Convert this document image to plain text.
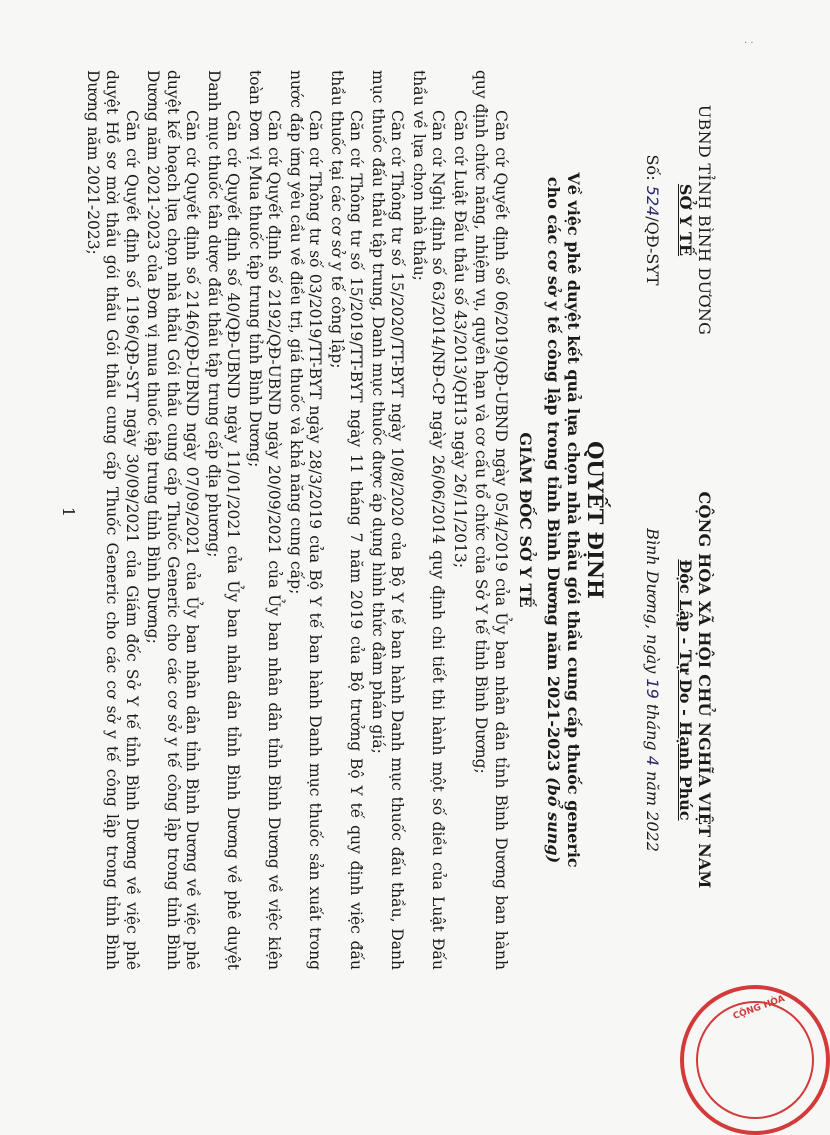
UBND TỈNH BÌNH DƯƠNG
SỞ Y TẾ
Số: 524/QĐ-SYT
CỘNG HÒA XÃ HỘI CHỦ NGHĨA VIỆT NAM
Độc Lập - Tự Do - Hạnh Phúc
Bình Dương, ngày 19 tháng 4 năm 2022
QUYẾT ĐỊNH
Về việc phê duyệt kết quả lựa chọn nhà thầu gói thầu cung cấp thuốc generic cho các cơ sở y tế công lập trong tỉnh Bình Dương năm 2021-2023 (bổ sung)
GIÁM ĐỐC SỞ Y TẾ

Căn cứ Quyết định số 06/2019/QĐ-UBND ngày 05/4/2019 của Ủy ban nhân dân tỉnh Bình Dương ban hành quy định chức năng, nhiệm vụ, quyền hạn và cơ cấu tổ chức của Sở Y tế tỉnh Bình Dương;

Căn cứ Luật Đấu thầu số 43/2013/QH13 ngày 26/11/2013;

Căn cứ Nghị định số 63/2014/NĐ-CP ngày 26/06/2014 quy định chi tiết thi hành một số điều của Luật Đấu thầu về lựa chọn nhà thầu;

Căn cứ Thông tư số 15/2020/TT-BYT ngày 10/8/2020 của Bộ Y tế ban hành Danh mục thuốc đấu thầu, Danh mục thuốc đấu thầu tập trung, Danh mục thuốc được áp dụng hình thức đàm phán giá;

Căn cứ Thông tư số 15/2019/TT-BYT ngày 11 tháng 7 năm 2019 của Bộ trưởng Bộ Y tế quy định việc đấu thầu thuốc tại các cơ sở y tế công lập;

Căn cứ Thông tư số 03/2019/TT-BYT ngày 28/3/2019 của Bộ Y tế ban hành Danh mục thuốc sản xuất trong nước đáp ứng yêu cầu về điều trị, giá thuốc và khả năng cung cấp;

Căn cứ Quyết định số 2192/QĐ-UBND ngày 20/09/2021 của Ủy ban nhân dân tỉnh Bình Dương về việc kiện toàn Đơn vị Mua thuốc tập trung tỉnh Bình Dương;

Căn cứ Quyết định số 40/QĐ-UBND ngày 11/01/2021 của Ủy ban nhân dân tỉnh Bình Dương về phê duyệt Danh mục thuốc tân dược đấu thầu tập trung cấp địa phương;

Căn cứ Quyết định số 2146/QĐ-UBND ngày 07/09/2021 của Ủy ban nhân dân tỉnh Bình Dương về việc phê duyệt kế hoạch lựa chọn nhà thầu Gói thầu cung cấp Thuốc Generic cho các cơ sở y tế công lập trong tỉnh Bình Dương năm 2021-2023 của Đơn vị mua thuốc tập trung tỉnh Bình Dương;

Căn cứ Quyết định số 1196/QĐ-SYT ngày 30/09/2021 của Giám đốc Sở Y tế tỉnh Bình Dương về việc phê duyệt Hồ sơ mời thầu gói thầu Gói thầu cung cấp Thuốc Generic cho các cơ sở y tế công lập trong tỉnh Bình Dương năm 2021-2023;

1
CỘNG HÒA
· ·
